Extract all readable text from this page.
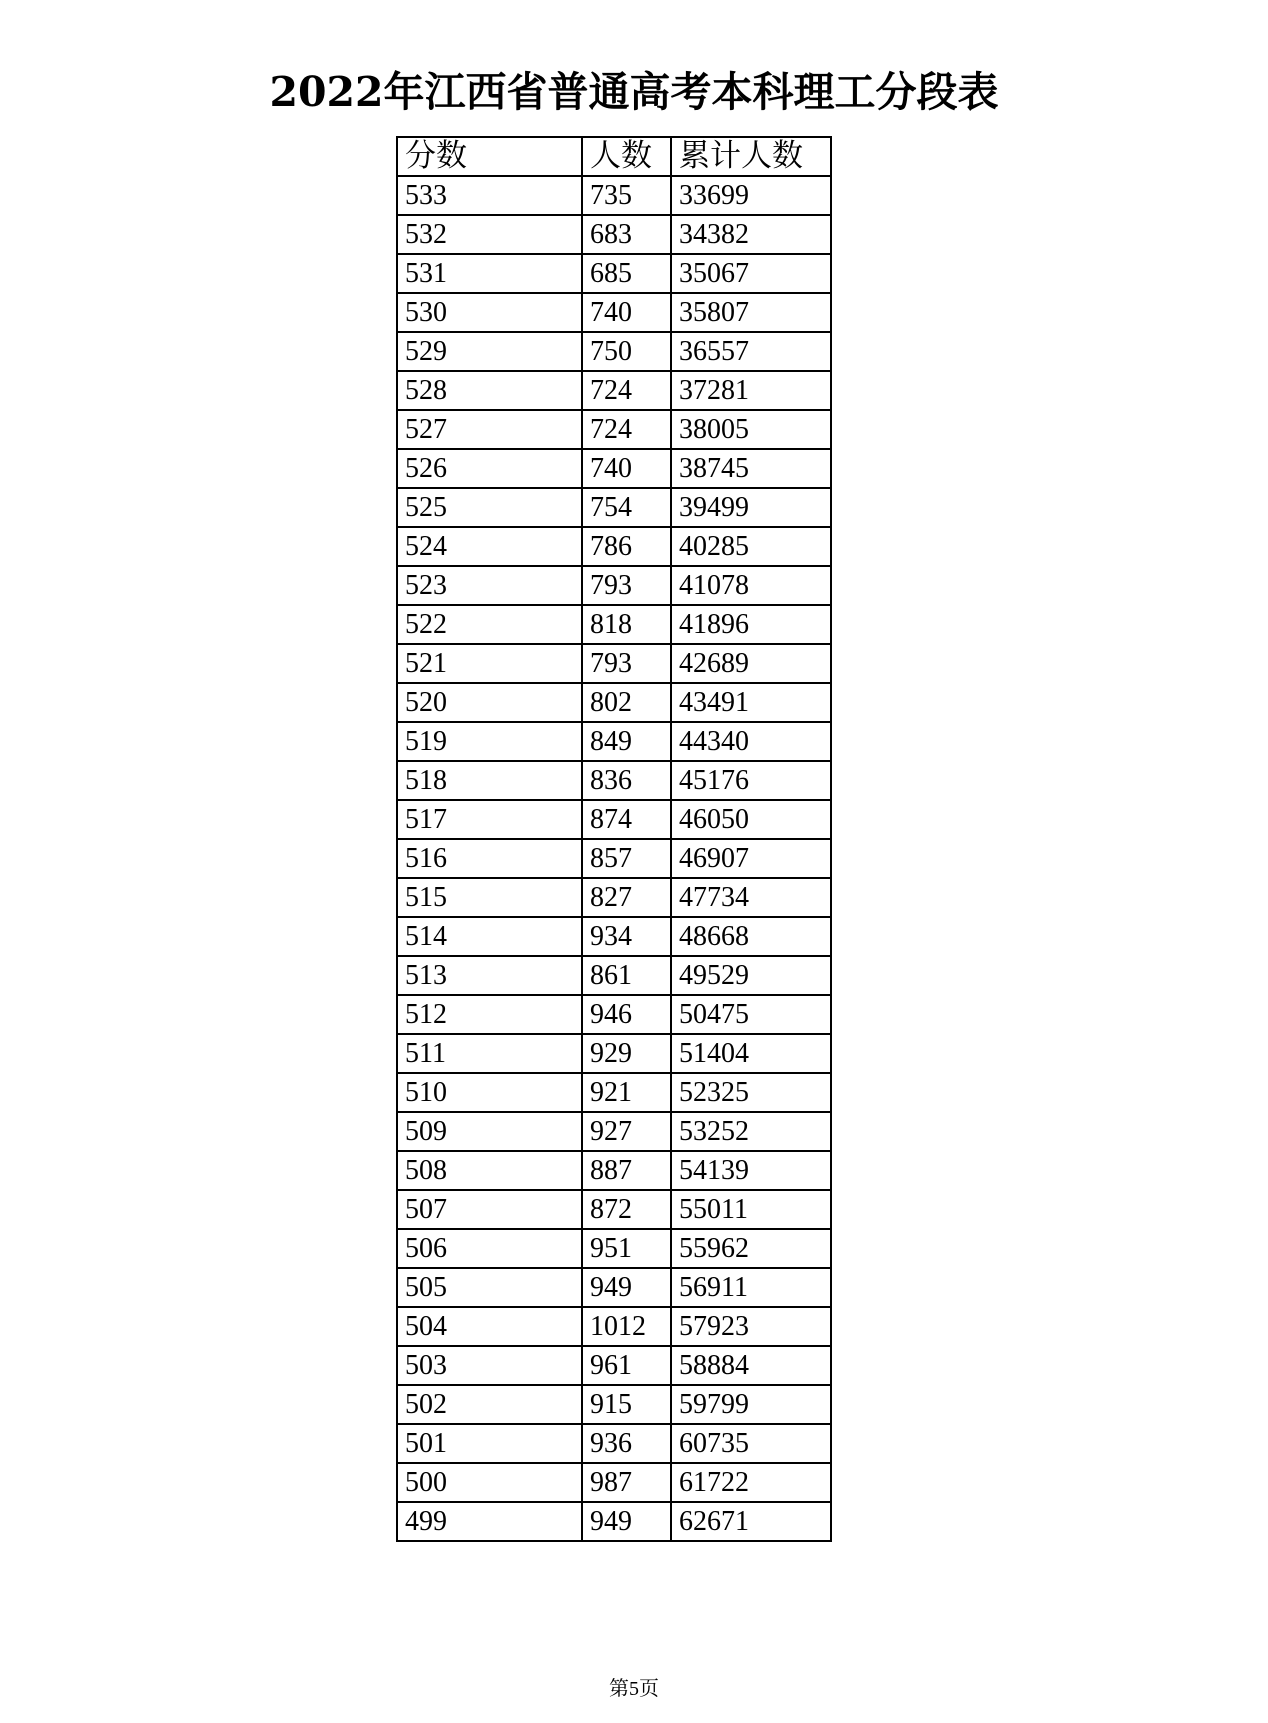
2022年江西省普通高考本科理工分段表
分数	人数	累计人数
533	735	33699
532	683	34382
531	685	35067
530	740	35807
529	750	36557
528	724	37281
527	724	38005
526	740	38745
525	754	39499
524	786	40285
523	793	41078
522	818	41896
521	793	42689
520	802	43491
519	849	44340
518	836	45176
517	874	46050
516	857	46907
515	827	47734
514	934	48668
513	861	49529
512	946	50475
511	929	51404
510	921	52325
509	927	53252
508	887	54139
507	872	55011
506	951	55962
505	949	56911
504	1012	57923
503	961	58884
502	915	59799
501	936	60735
500	987	61722
499	949	62671
第5页
